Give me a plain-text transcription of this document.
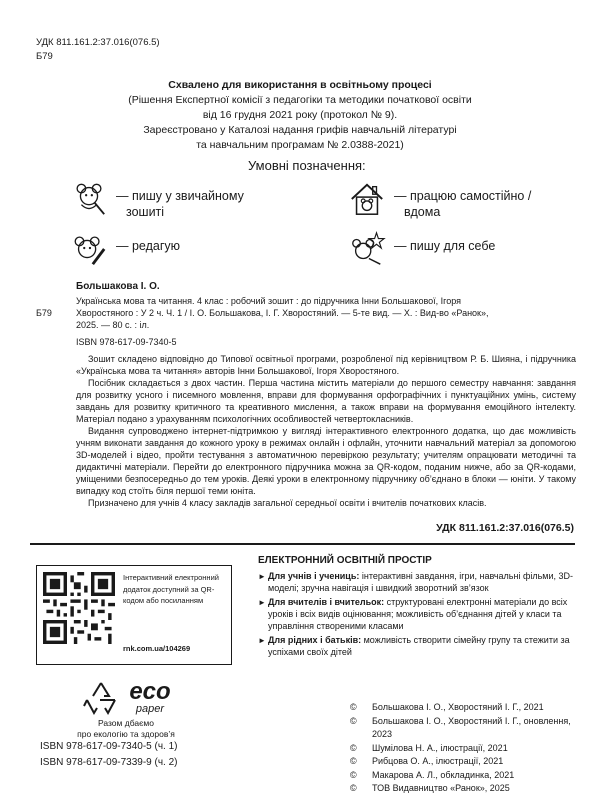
УДК 811.161.2:37.016(076.5)
Б79
Схвалено для використання в освітньому процесі
(Рішення Експертної комісії з педагогіки та методики початкової освіти
від 16 грудня 2021 року (протокол № 9).
Зареєстровано у Каталозі надання грифів навчальній літературі
та навчальним програмам № 2.0388-2021)
Умовні позначення:
— пишу у звичайному
зошиті
— працюю самостійно /
вдома
— редагую	— пишу для себе
Большакова І. О.
Б79
Українська мова та читання. 4 клас : робочий зошит : до підручника Інни Большакової, Ігоря
Хворостяного : У 2 ч. Ч. 1 / І. О. Большакова, І. Г. Хворостяний. — 5-те вид. — Х. : Вид-во «Ранок»,
2025. — 80 с. : іл.
ISBN 978-617-09-7340-5

Зошит складено відповідно до Типової освітньої програми, розробленої під керівництвом Р. Б. Шияна, і підручника «Українська мова та читання» авторів Інни Большакової, Ігоря Хворостяного.

Посібник складається з двох частин. Перша частина містить матеріали до першого семестру навчання: завдання для розвитку усного і писемного мовлення, вправи для формування орфографічних і пунктуаційних умінь, систему завдань для розвитку критичного та креативного мислення, а також вправи на формування емоційного інтелекту. Матеріал подано з урахуванням психологічних особливостей четвертокласників.

Видання супроводжено інтернет-підтримкою у вигляді інтерактивного електронного додатка, що дає можливість учням виконати завдання до кожного уроку в режимах онлайн і офлайн, уточнити навчальний матеріал за допомогою 3D-моделей і відео, пройти тестування з автоматичною перевіркою результату; учителям опрацювати методичні та дидактичні матеріали. Перейти до електронного підручника можна за QR-кодом, поданим нижче, або за QR-кодами, уміщеними безпосередньо до тем уроків. Деякі уроки в електронному підручнику об’єднано в блоки — юніти. У такому випадку код стоїть біля першої теми юніта.

Призначено для учнів 4 класу закладів загальної середньої освіти і вчителів початкових класів.

УДК 811.161.2:37.016(076.5)
Інтерактивний електронний додаток доступний за QR-кодом або посиланням
rnk.com.ua/104269
eco
paper
Разом дбаємо
про екологію та здоров’я
ISBN 978-617-09-7340-5 (ч. 1)
ISBN 978-617-09-7339-9 (ч. 2)
ЕЛЕКТРОННИЙ ОСВІТНІЙ ПРОСТІР
► Для учнів і учениць: інтерактивні завдання, ігри, навчальні фільми, 3D-моделі; зручна навігація і швидкий зворотний зв’язок
► Для вчителів і вчительок: структуровані електронні матеріали до всіх уроків і всіх видів оцінювання; можливість об’єднання дітей у класи та управління створеними класами
► Для рідних і батьків: можливість створити сімейну групу та стежити за успіхами своїх дітей
©	Большакова І. О., Хворостяний І. Г., 2021
©	Большакова І. О., Хворостяний І. Г., оновлення, 2023
©	Шумілова Н. А., ілюстрації, 2021
©	Рибцова О. А., ілюстрації, 2021
©	Макарова А. Л., обкладинка, 2021
©	ТОВ Видавництво «Ранок», 2025
